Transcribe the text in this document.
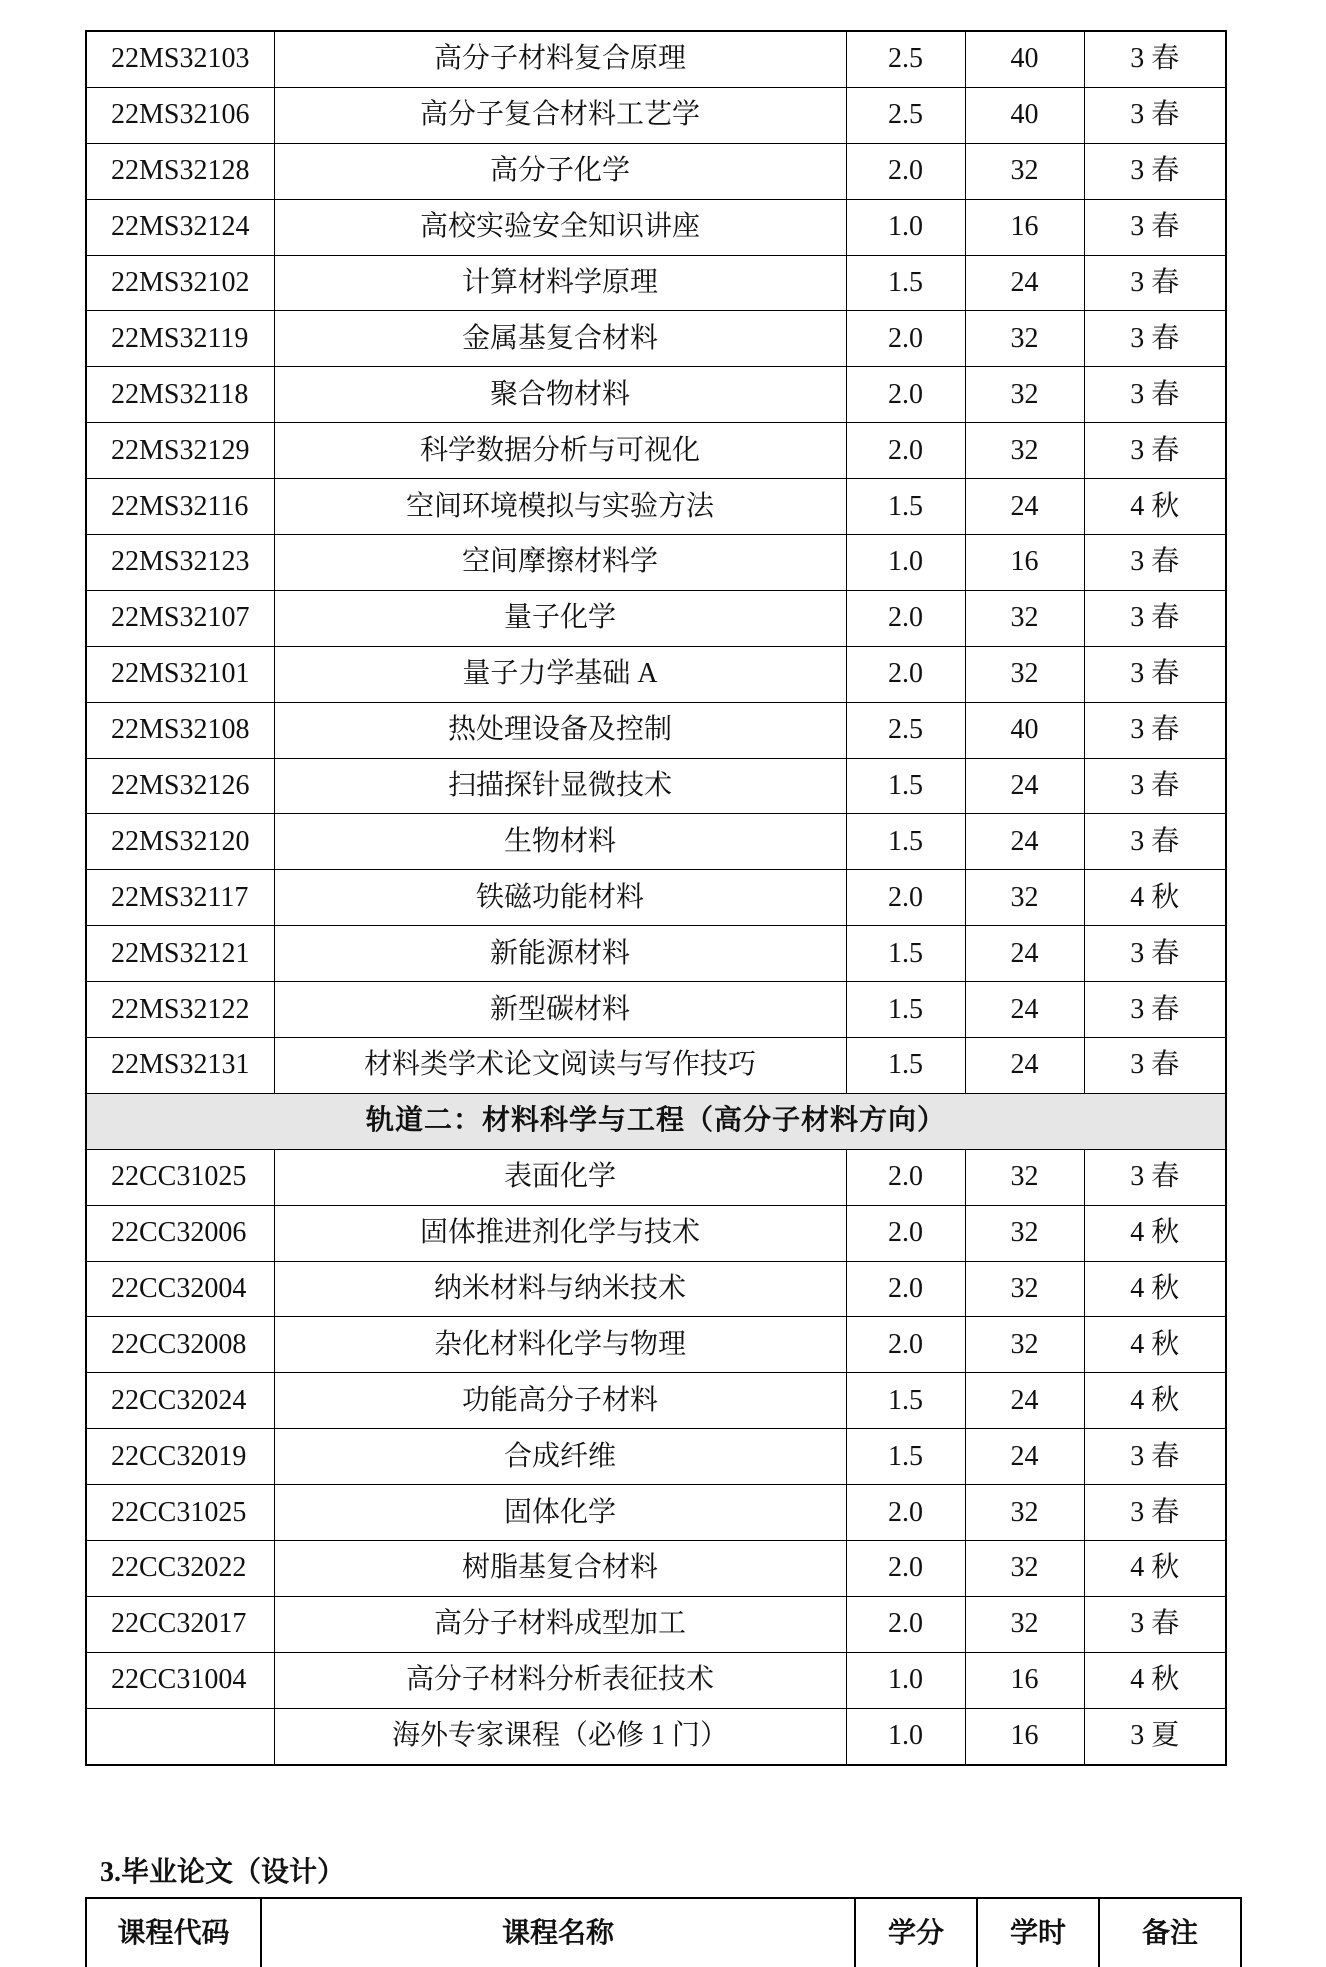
22MS32103	高分子材料复合原理	2.5	40	3 春
22MS32106	高分子复合材料工艺学	2.5	40	3 春
22MS32128	高分子化学	2.0	32	3 春
22MS32124	高校实验安全知识讲座	1.0	16	3 春
22MS32102	计算材料学原理	1.5	24	3 春
22MS32119	金属基复合材料	2.0	32	3 春
22MS32118	聚合物材料	2.0	32	3 春
22MS32129	科学数据分析与可视化	2.0	32	3 春
22MS32116	空间环境模拟与实验方法	1.5	24	4 秋
22MS32123	空间摩擦材料学	1.0	16	3 春
22MS32107	量子化学	2.0	32	3 春
22MS32101	量子力学基础 A	2.0	32	3 春
22MS32108	热处理设备及控制	2.5	40	3 春
22MS32126	扫描探针显微技术	1.5	24	3 春
22MS32120	生物材料	1.5	24	3 春
22MS32117	铁磁功能材料	2.0	32	4 秋
22MS32121	新能源材料	1.5	24	3 春
22MS32122	新型碳材料	1.5	24	3 春
22MS32131	材料类学术论文阅读与写作技巧	1.5	24	3 春
轨道二：材料科学与工程（高分子材料方向）				
22CC31025	表面化学	2.0	32	3 春
22CC32006	固体推进剂化学与技术	2.0	32	4 秋
22CC32004	纳米材料与纳米技术	2.0	32	4 秋
22CC32008	杂化材料化学与物理	2.0	32	4 秋
22CC32024	功能高分子材料	1.5	24	4 秋
22CC32019	合成纤维	1.5	24	3 春
22CC31025	固体化学	2.0	32	3 春
22CC32022	树脂基复合材料	2.0	32	4 秋
22CC32017	高分子材料成型加工	2.0	32	3 春
22CC31004	高分子材料分析表征技术	1.0	16	4 秋
	海外专家课程（必修 1 门）	1.0	16	3 夏
3.毕业论文（设计）
课程代码	课程名称	学分	学时	备注
